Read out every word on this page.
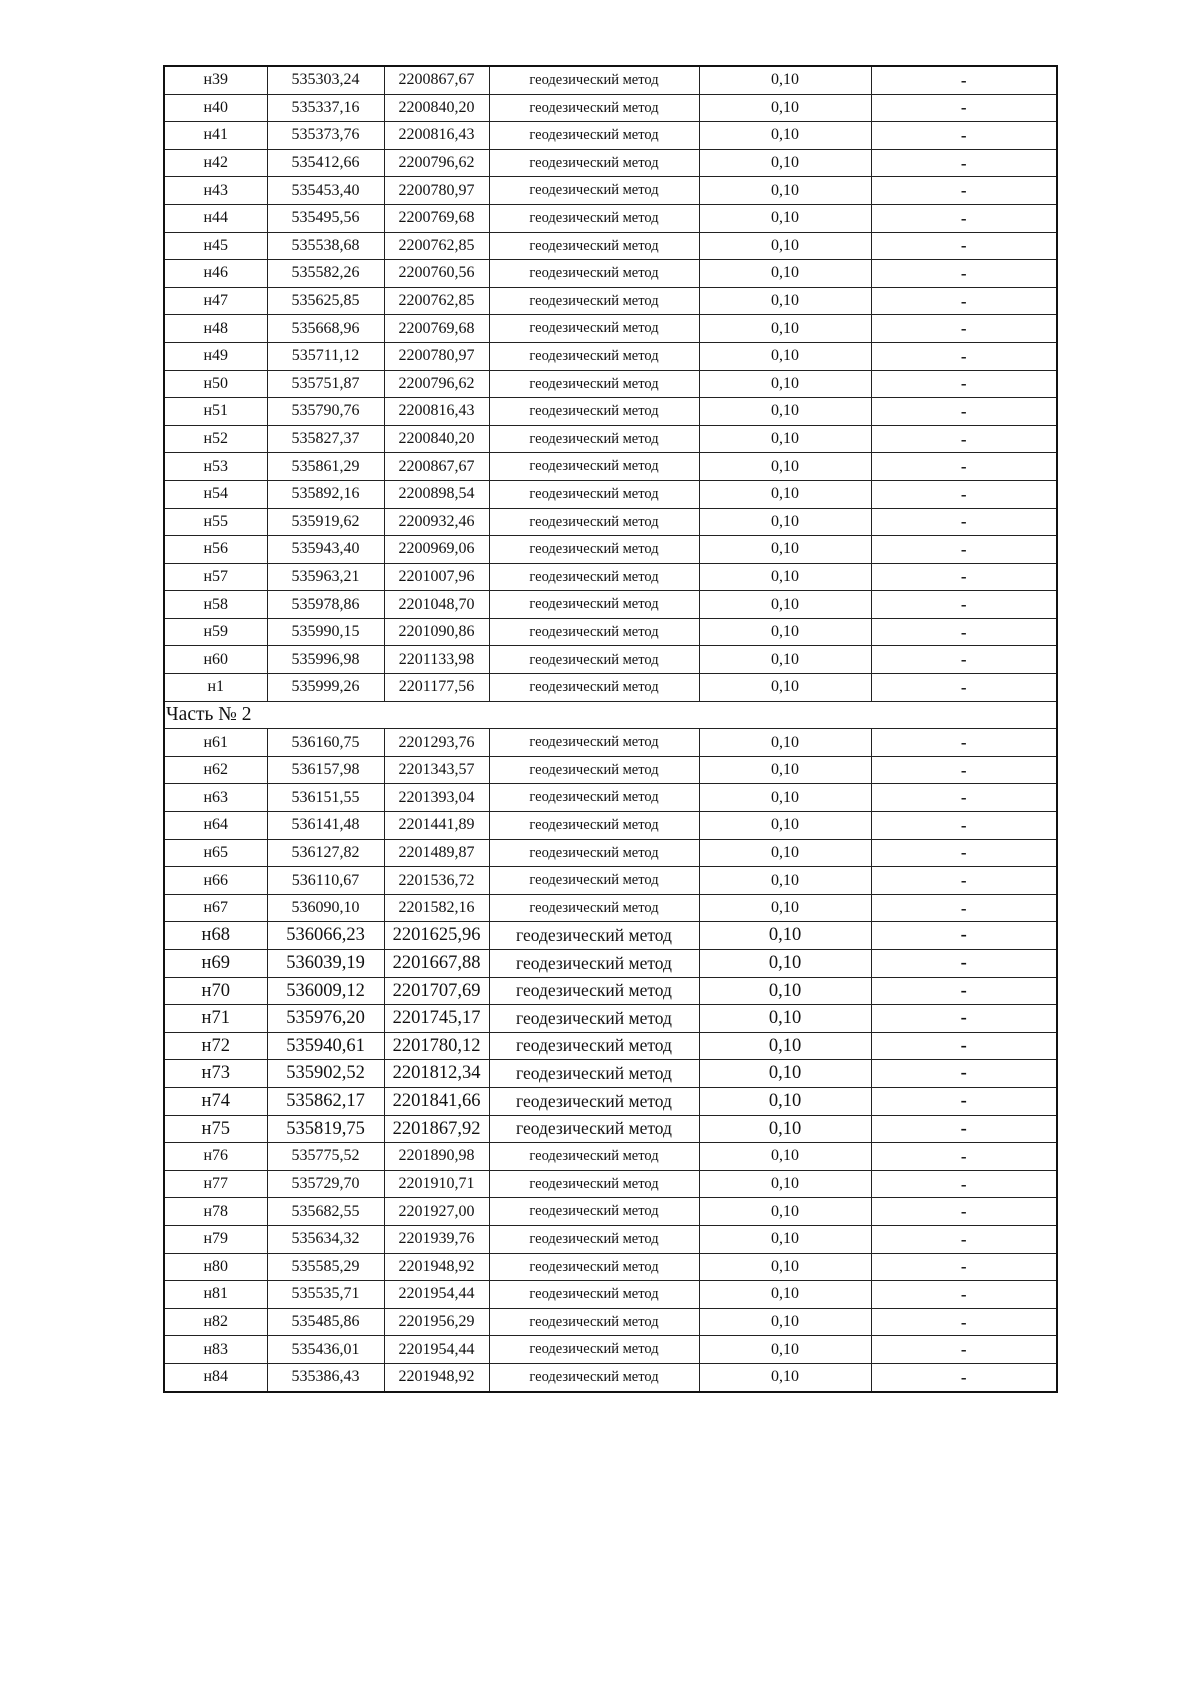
н39	535303,24	2200867,67	геодезический метод	0,10	-
н40	535337,16	2200840,20	геодезический метод	0,10	-
н41	535373,76	2200816,43	геодезический метод	0,10	-
н42	535412,66	2200796,62	геодезический метод	0,10	-
н43	535453,40	2200780,97	геодезический метод	0,10	-
н44	535495,56	2200769,68	геодезический метод	0,10	-
н45	535538,68	2200762,85	геодезический метод	0,10	-
н46	535582,26	2200760,56	геодезический метод	0,10	-
н47	535625,85	2200762,85	геодезический метод	0,10	-
н48	535668,96	2200769,68	геодезический метод	0,10	-
н49	535711,12	2200780,97	геодезический метод	0,10	-
н50	535751,87	2200796,62	геодезический метод	0,10	-
н51	535790,76	2200816,43	геодезический метод	0,10	-
н52	535827,37	2200840,20	геодезический метод	0,10	-
н53	535861,29	2200867,67	геодезический метод	0,10	-
н54	535892,16	2200898,54	геодезический метод	0,10	-
н55	535919,62	2200932,46	геодезический метод	0,10	-
н56	535943,40	2200969,06	геодезический метод	0,10	-
н57	535963,21	2201007,96	геодезический метод	0,10	-
н58	535978,86	2201048,70	геодезический метод	0,10	-
н59	535990,15	2201090,86	геодезический метод	0,10	-
н60	535996,98	2201133,98	геодезический метод	0,10	-
н1	535999,26	2201177,56	геодезический метод	0,10	-
Часть № 2					
н61	536160,75	2201293,76	геодезический метод	0,10	-
н62	536157,98	2201343,57	геодезический метод	0,10	-
н63	536151,55	2201393,04	геодезический метод	0,10	-
н64	536141,48	2201441,89	геодезический метод	0,10	-
н65	536127,82	2201489,87	геодезический метод	0,10	-
н66	536110,67	2201536,72	геодезический метод	0,10	-
н67	536090,10	2201582,16	геодезический метод	0,10	-
н68	536066,23	2201625,96	геодезический метод	0,10	-
н69	536039,19	2201667,88	геодезический метод	0,10	-
н70	536009,12	2201707,69	геодезический метод	0,10	-
н71	535976,20	2201745,17	геодезический метод	0,10	-
н72	535940,61	2201780,12	геодезический метод	0,10	-
н73	535902,52	2201812,34	геодезический метод	0,10	-
н74	535862,17	2201841,66	геодезический метод	0,10	-
н75	535819,75	2201867,92	геодезический метод	0,10	-
н76	535775,52	2201890,98	геодезический метод	0,10	-
н77	535729,70	2201910,71	геодезический метод	0,10	-
н78	535682,55	2201927,00	геодезический метод	0,10	-
н79	535634,32	2201939,76	геодезический метод	0,10	-
н80	535585,29	2201948,92	геодезический метод	0,10	-
н81	535535,71	2201954,44	геодезический метод	0,10	-
н82	535485,86	2201956,29	геодезический метод	0,10	-
н83	535436,01	2201954,44	геодезический метод	0,10	-
н84	535386,43	2201948,92	геодезический метод	0,10	-
